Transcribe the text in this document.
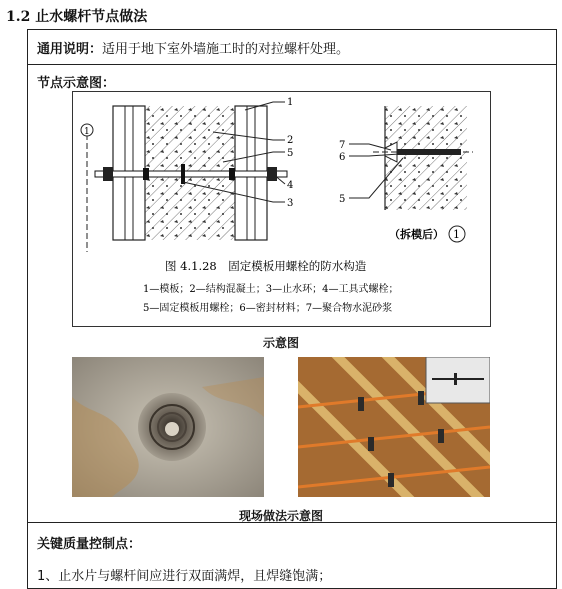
1.2 止水螺杆节点做法
通用说明：适用于地下室外墙施工时的对拉螺杆处理。
节点示意图：
1
1
2
5
4
3
7
6
5
（拆模后） 1
图 4.1.28　固定模板用螺栓的防水构造
1—模板；2—结构混凝土；3—止水环；4—工具式螺栓；
5—固定模板用螺栓；6—密封材料；7—聚合物水泥砂浆
示意图
现场做法示意图
关键质量控制点：
1、止水片与螺杆间应进行双面满焊，且焊缝饱满；
